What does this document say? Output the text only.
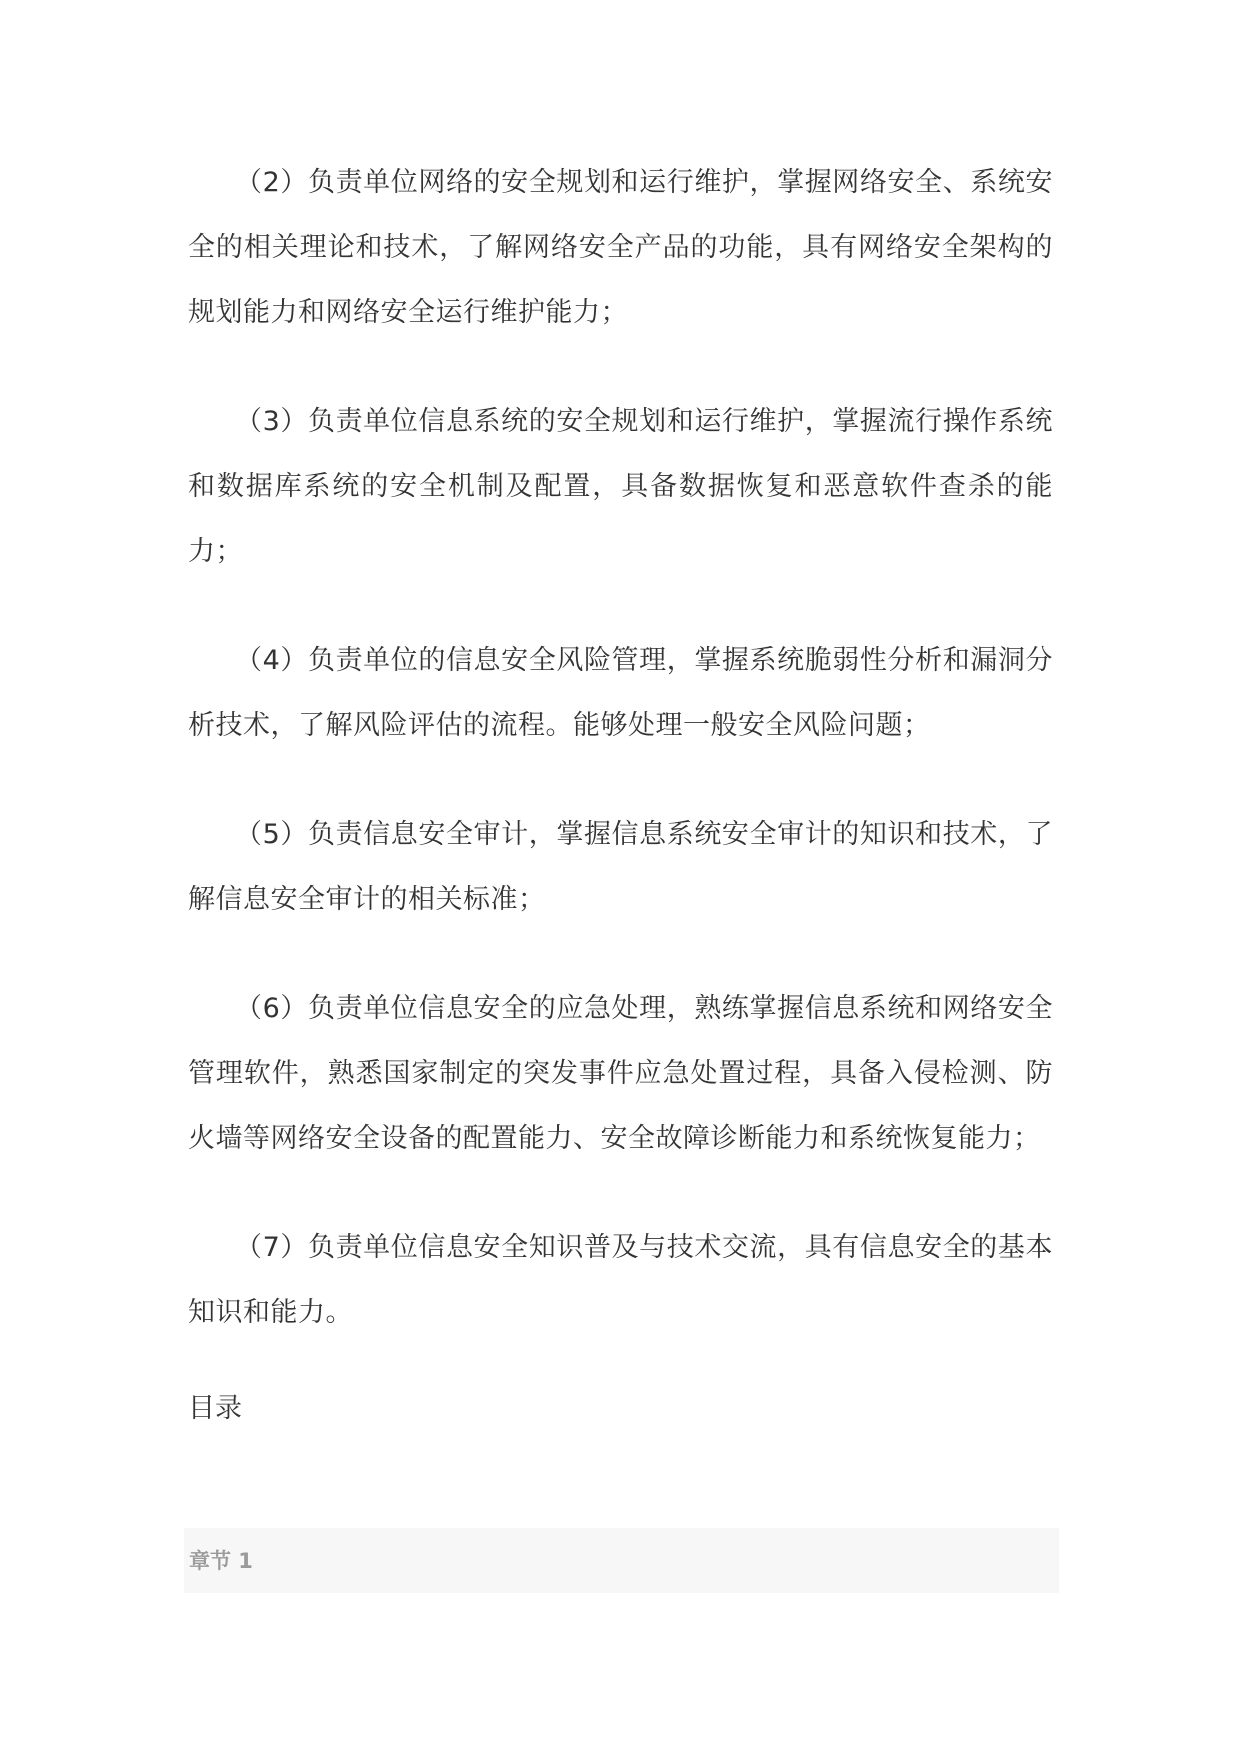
（2）负责单位网络的安全规划和运行维护，掌握网络安全、系统安全的相关理论和技术，了解网络安全产品的功能，具有网络安全架构的规划能力和网络安全运行维护能力；

（3）负责单位信息系统的安全规划和运行维护，掌握流行操作系统和数据库系统的安全机制及配置，具备数据恢复和恶意软件查杀的能力；

（4）负责单位的信息安全风险管理，掌握系统脆弱性分析和漏洞分析技术，了解风险评估的流程。能够处理一般安全风险问题；

（5）负责信息安全审计，掌握信息系统安全审计的知识和技术，了解信息安全审计的相关标准；

（6）负责单位信息安全的应急处理，熟练掌握信息系统和网络安全管理软件，熟悉国家制定的突发事件应急处置过程，具备入侵检测、防火墙等网络安全设备的配置能力、安全故障诊断能力和系统恢复能力；

（7）负责单位信息安全知识普及与技术交流，具有信息安全的基本知识和能力。

目录
章节 1
